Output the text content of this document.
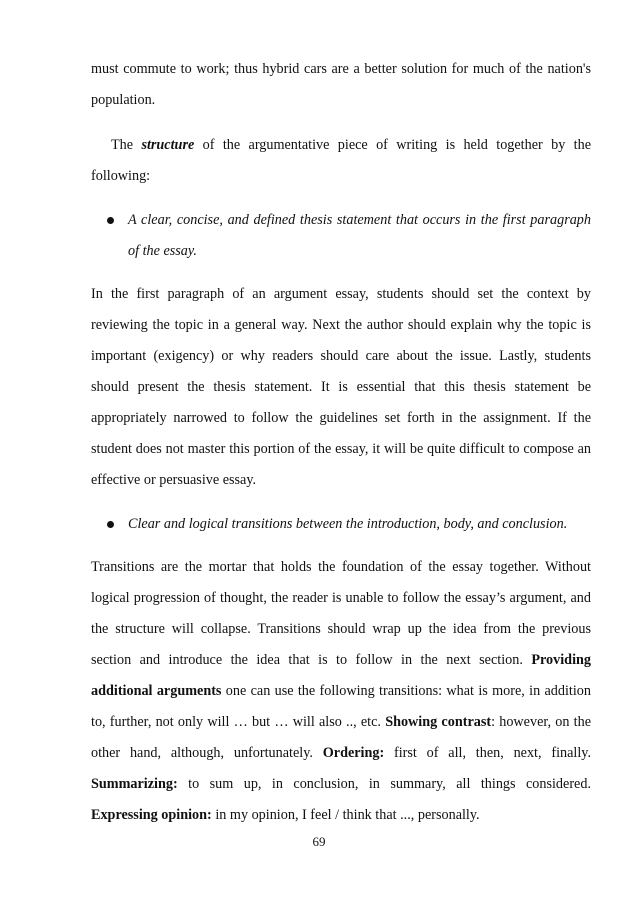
must commute to work; thus hybrid cars are a better solution for much of the nation's population.

The structure of the argumentative piece of writing is held together by the following:

A clear, concise, and defined thesis statement that occurs in the first paragraph of the essay.

In the first paragraph of an argument essay, students should set the context by reviewing the topic in a general way. Next the author should explain why the topic is important (exigency) or why readers should care about the issue. Lastly, students should present the thesis statement. It is essential that this thesis statement be appropriately narrowed to follow the guidelines set forth in the assignment. If the student does not master this portion of the essay, it will be quite difficult to compose an effective or persuasive essay.

Clear and logical transitions between the introduction, body, and conclusion.

Transitions are the mortar that holds the foundation of the essay together. Without logical progression of thought, the reader is unable to follow the essay’s argument, and the structure will collapse. Transitions should wrap up the idea from the previous section and introduce the idea that is to follow in the next section. Providing additional arguments one can use the following transitions: what is more, in addition to, further, not only will … but … will also .., etc. Showing contrast: however, on the other hand, although, unfortunately. Ordering: first of all, then, next, finally. Summarizing: to sum up, in conclusion, in summary, all things considered. Expressing opinion: in my opinion, I feel / think that ..., personally.

69
